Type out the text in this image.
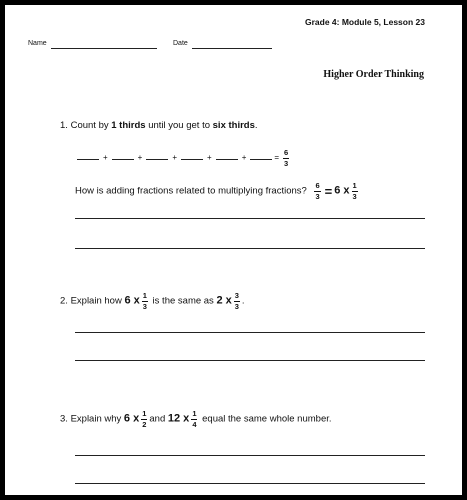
Grade 4: Module 5, Lesson 23
Name	Date
Higher Order Thinking
1. Count by 1 thirds until you get to six thirds.
+	+	+	+	+	= $\frac{6}{3}$
How is adding fractions related to multiplying fractions? $\frac{6}{3} = 6$ x $\frac{1}{3}$
2. Explain how 6 x $\frac{1}{3}$ is the same as 2 x $\frac{3}{3}$ .
3. Explain why 6 x $\frac{1}{2}$ and 12 x $\frac{1}{4}$ equal the same whole number.
